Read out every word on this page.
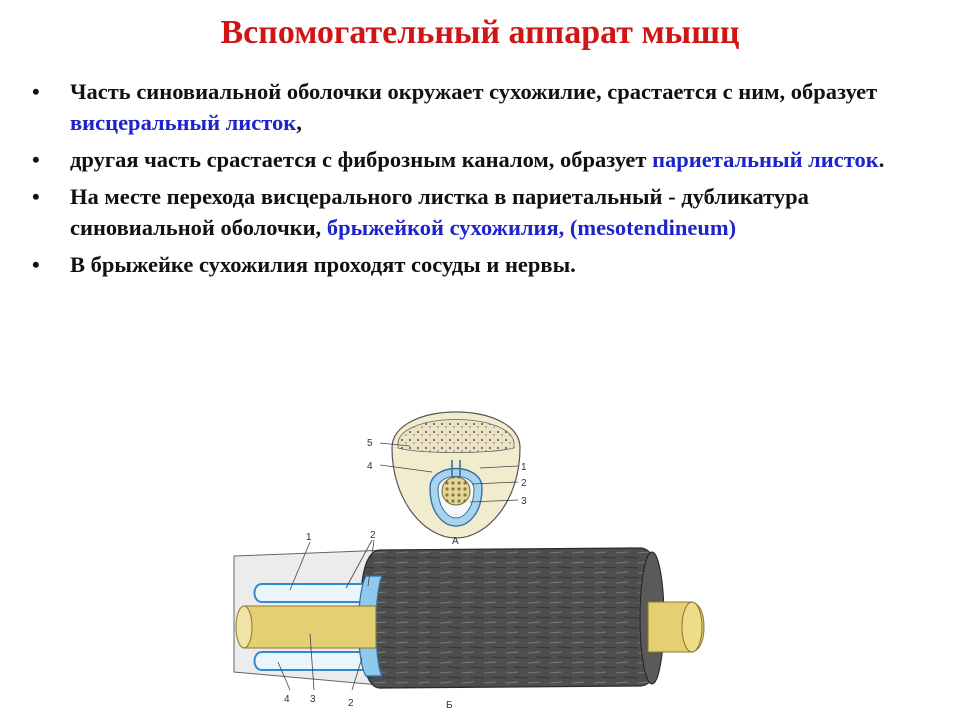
Вспомогательный аппарат мышц
• Часть синовиальной оболочки окружает сухожилие, срастается с ним, образует висцеральный листок,
• другая часть срастается с фиброзным каналом, образует париетальный листок.
• На месте перехода висцерального листка в париетальный - дубликатура синовиальной оболочки, брыжейкой сухожилия, (mesotendineum)
• В брыжейке сухожилия проходят сосуды и нервы.
5
4	1
2
3
А
1	2
4 3	2	Б
